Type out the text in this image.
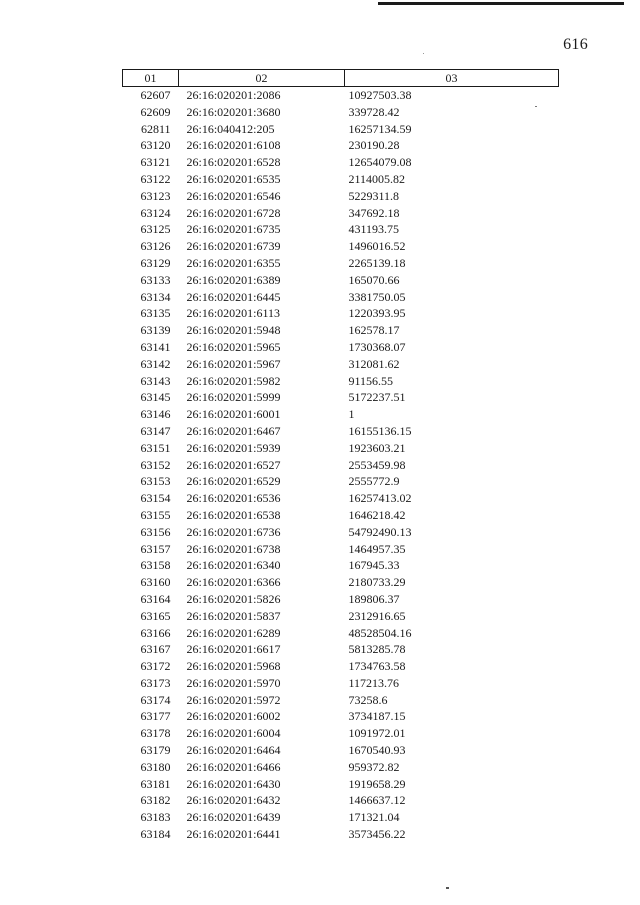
616
01	02	03
62607	26:16:020201:2086	10927503.38
62609	26:16:020201:3680	339728.42
62811	26:16:040412:205	16257134.59
63120	26:16:020201:6108	230190.28
63121	26:16:020201:6528	12654079.08
63122	26:16:020201:6535	2114005.82
63123	26:16:020201:6546	5229311.8
63124	26:16:020201:6728	347692.18
63125	26:16:020201:6735	431193.75
63126	26:16:020201:6739	1496016.52
63129	26:16:020201:6355	2265139.18
63133	26:16:020201:6389	165070.66
63134	26:16:020201:6445	3381750.05
63135	26:16:020201:6113	1220393.95
63139	26:16:020201:5948	162578.17
63141	26:16:020201:5965	1730368.07
63142	26:16:020201:5967	312081.62
63143	26:16:020201:5982	91156.55
63145	26:16:020201:5999	5172237.51
63146	26:16:020201:6001	1
63147	26:16:020201:6467	16155136.15
63151	26:16:020201:5939	1923603.21
63152	26:16:020201:6527	2553459.98
63153	26:16:020201:6529	2555772.9
63154	26:16:020201:6536	16257413.02
63155	26:16:020201:6538	1646218.42
63156	26:16:020201:6736	54792490.13
63157	26:16:020201:6738	1464957.35
63158	26:16:020201:6340	167945.33
63160	26:16:020201:6366	2180733.29
63164	26:16:020201:5826	189806.37
63165	26:16:020201:5837	2312916.65
63166	26:16:020201:6289	48528504.16
63167	26:16:020201:6617	5813285.78
63172	26:16:020201:5968	1734763.58
63173	26:16:020201:5970	117213.76
63174	26:16:020201:5972	73258.6
63177	26:16:020201:6002	3734187.15
63178	26:16:020201:6004	1091972.01
63179	26:16:020201:6464	1670540.93
63180	26:16:020201:6466	959372.82
63181	26:16:020201:6430	1919658.29
63182	26:16:020201:6432	1466637.12
63183	26:16:020201:6439	171321.04
63184	26:16:020201:6441	3573456.22
